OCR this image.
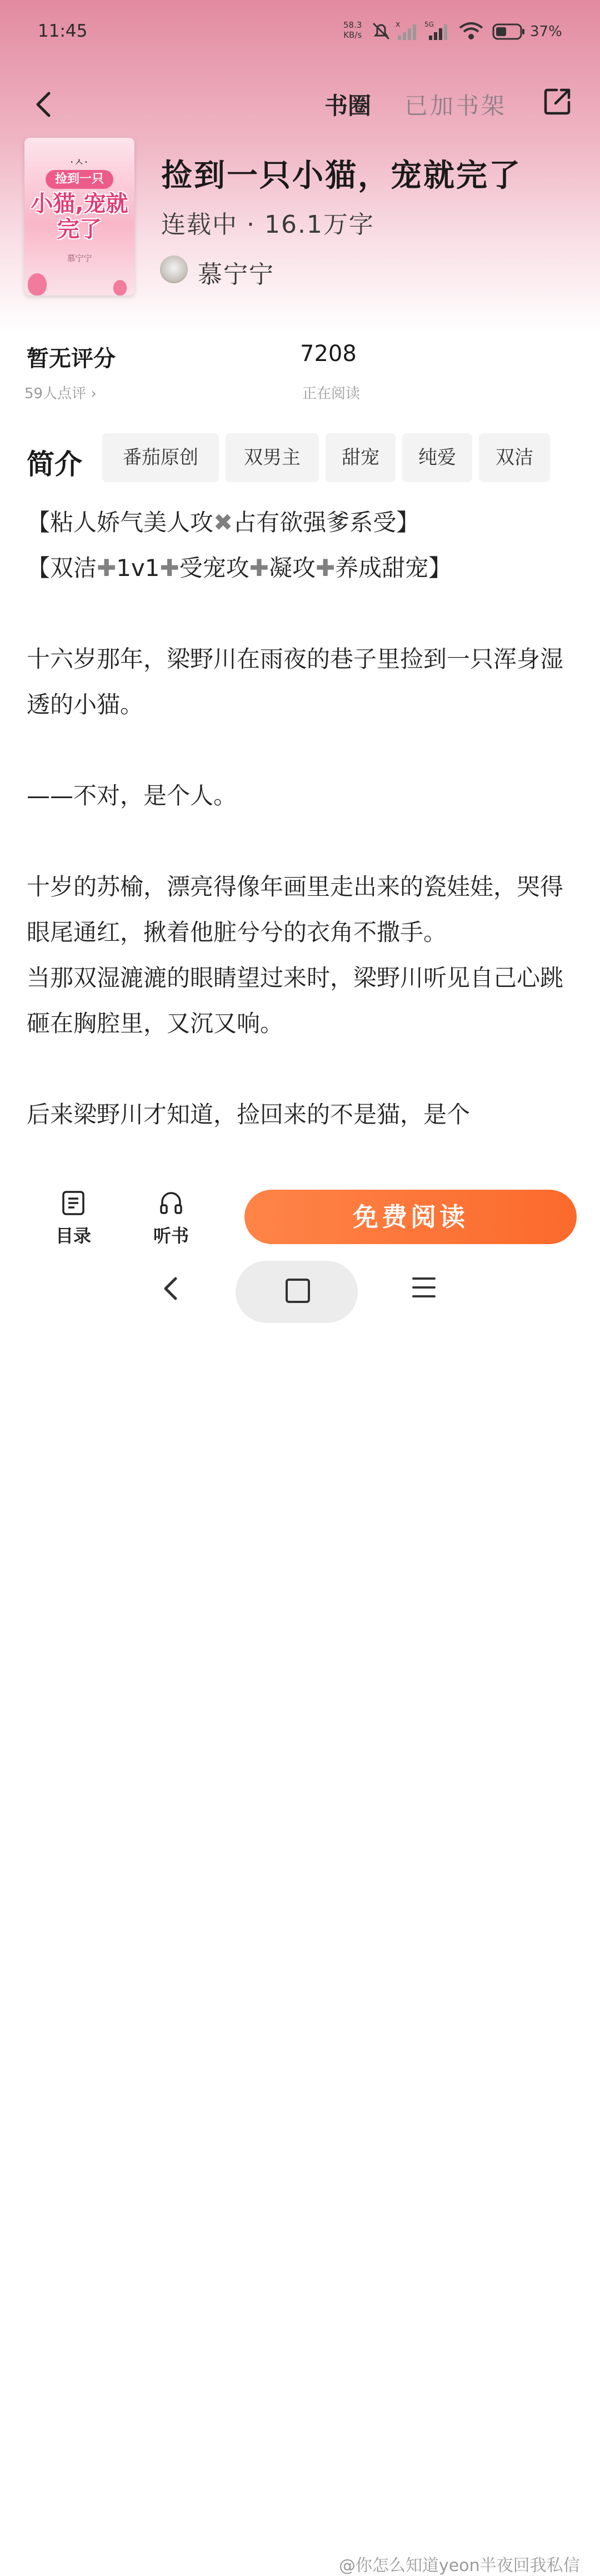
11:45	58.3
KB/s
x	5G	37%
书圈 已加书架
·ㅅ·
捡到一只
小猫,宠就完了
慕宁宁
捡到一只小猫，宠就完了
连载中 · 16.1万字
慕宁宁
暂无评分
59人点评 ›
7208
正在阅读
简介	番茄原创	双男主	甜宠	纯爱	双洁

【粘人娇气美人攻✖占有欲强爹系受】

【双洁✚1v1✚受宠攻✚凝攻✚养成甜宠】

十六岁那年，梁野川在雨夜的巷子里捡到一只浑身湿透的小猫。

——不对，是个人。

十岁的苏榆，漂亮得像年画里走出来的瓷娃娃，哭得眼尾通红，揪着他脏兮兮的衣角不撒手。

当那双湿漉漉的眼睛望过来时，梁野川听见自己心跳砸在胸腔里，又沉又响。

后来梁野川才知道，捡回来的不是猫，是个

目录	听书
免费阅读
@你怎么知道yeon半夜回我私信
